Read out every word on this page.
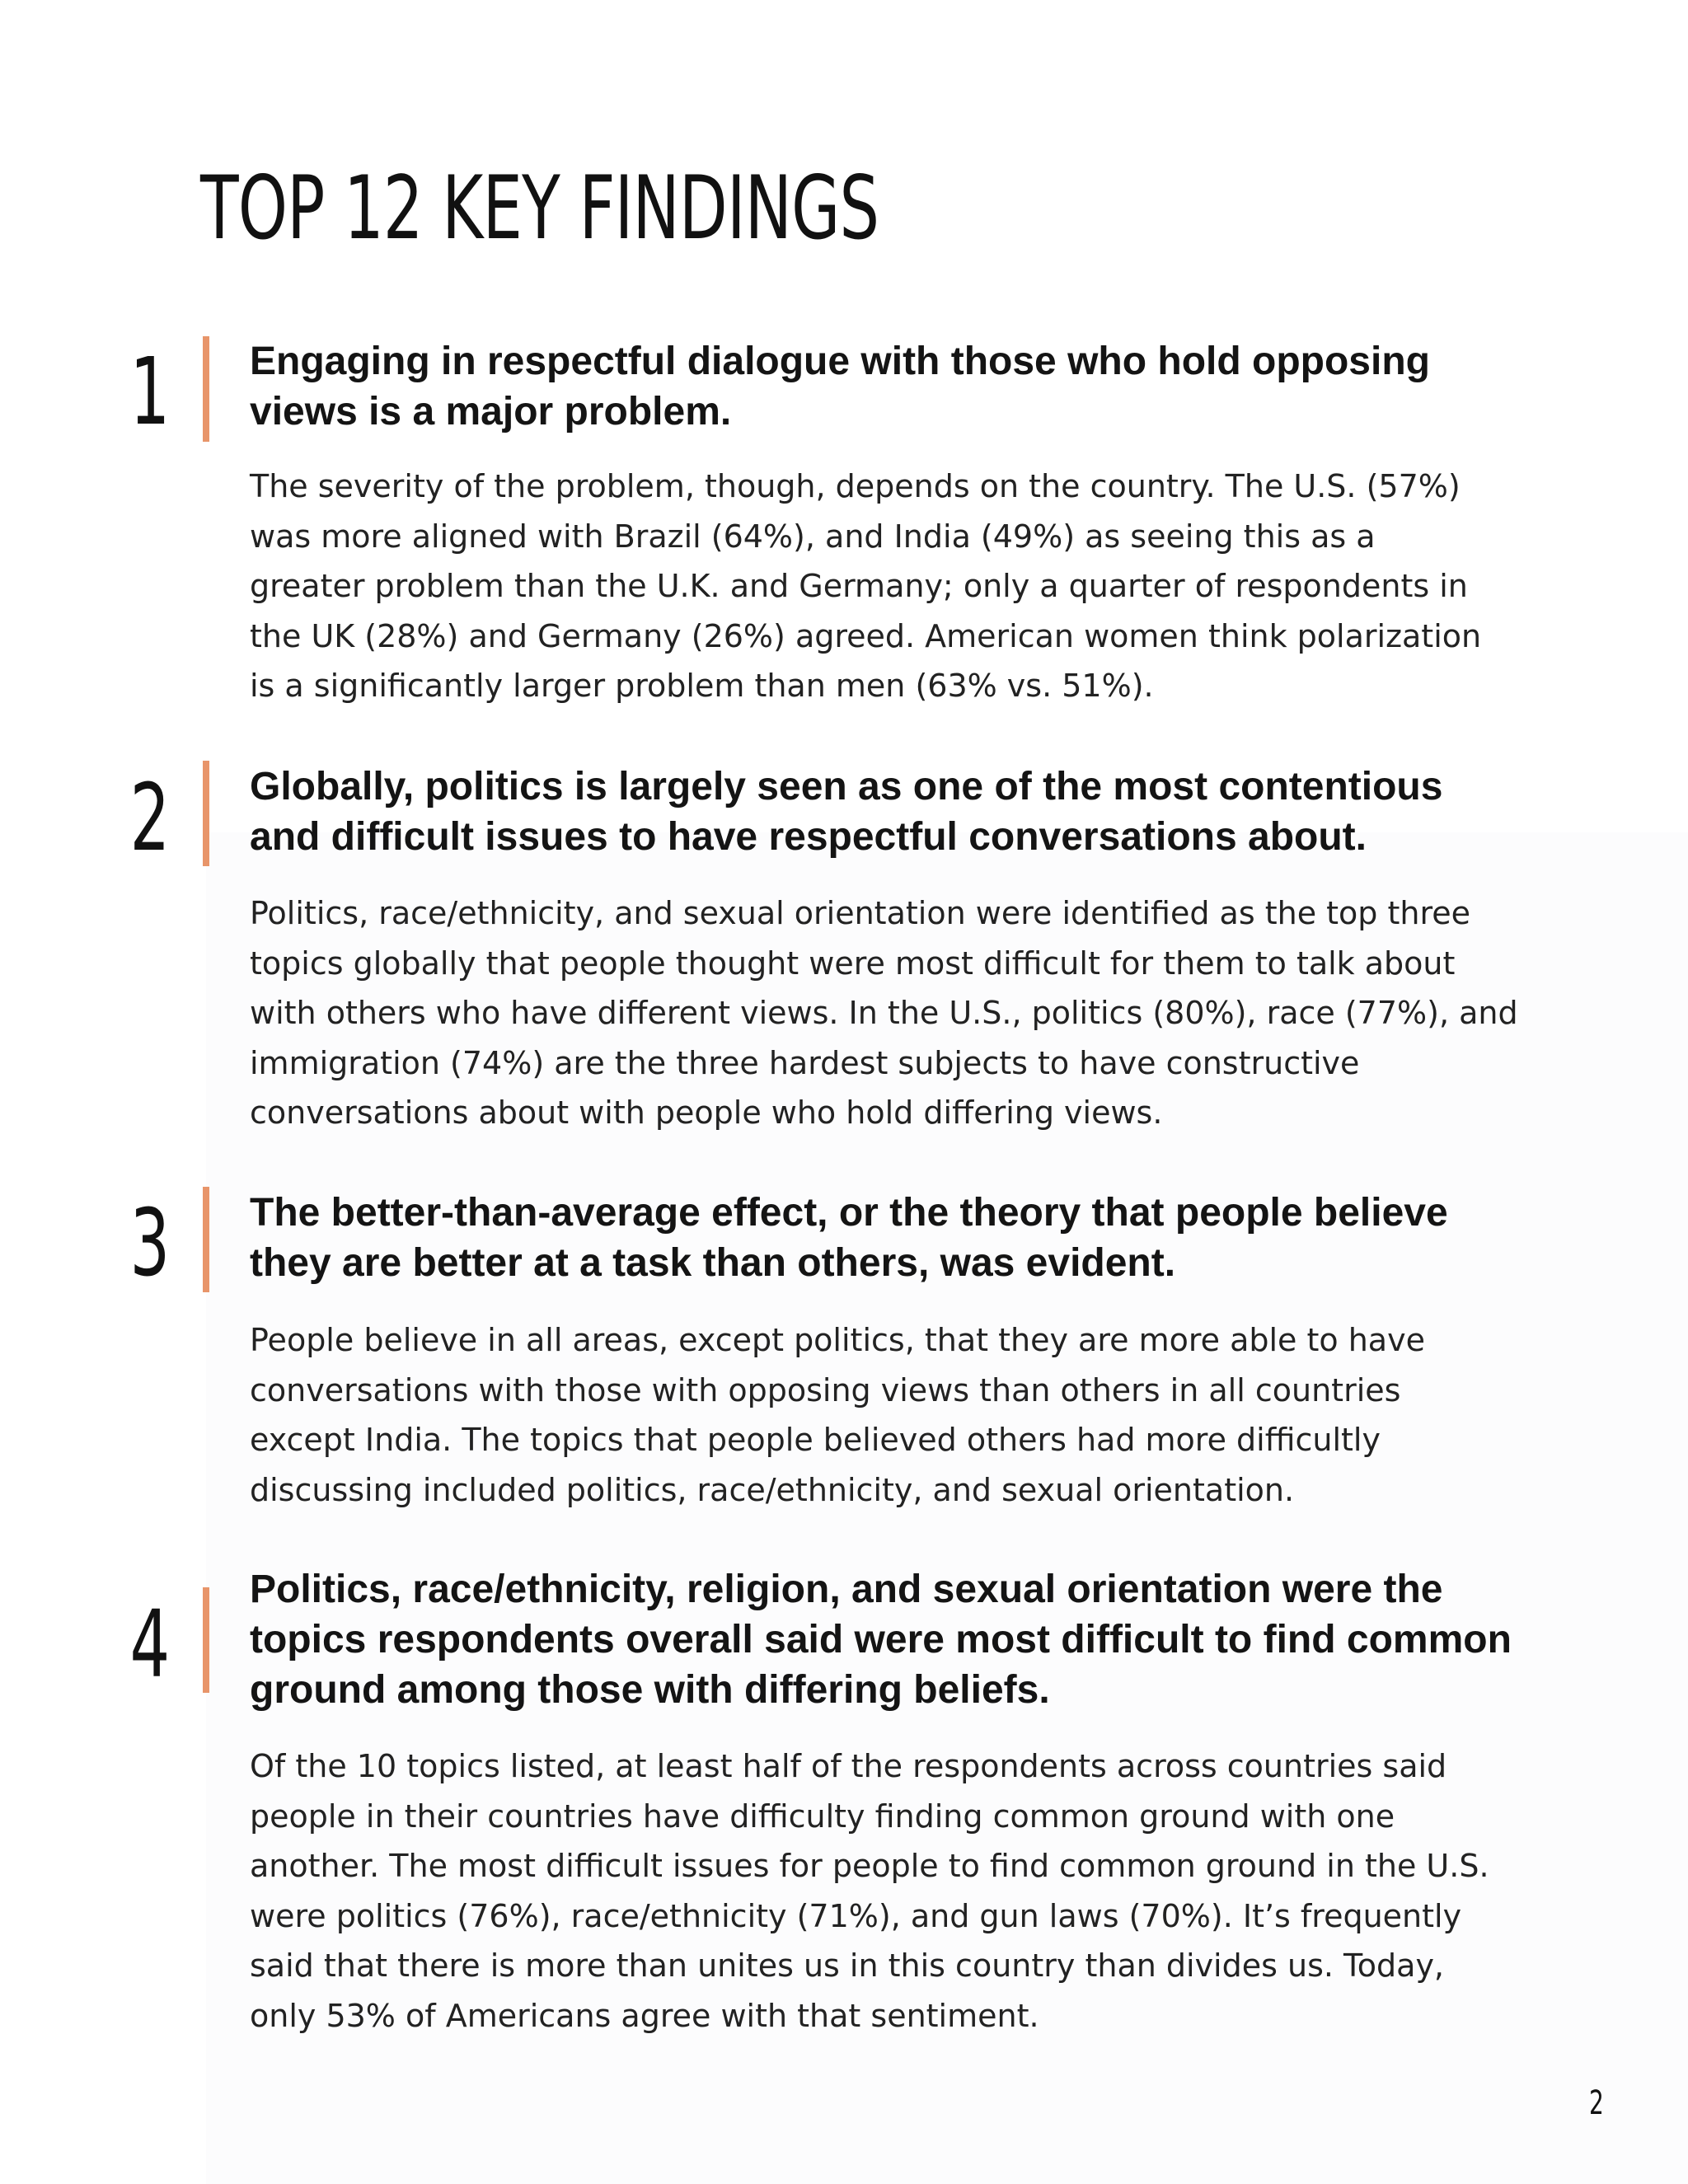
TOP 12 KEY FINDINGS
1 Engaging in respectful dialogue with those who hold opposing views is a major problem.

The severity of the problem, though, depends on the country. The U.S. (57%) was more aligned with Brazil (64%), and India (49%) as seeing this as a greater problem than the U.K. and Germany; only a quarter of respondents in the UK (28%) and Germany (26%) agreed. American women think polarization is a significantly larger problem than men (63% vs. 51%).

2 Globally, politics is largely seen as one of the most contentious and difficult issues to have respectful conversations about.

Politics, race/ethnicity, and sexual orientation were identified as the top three topics globally that people thought were most difficult for them to talk about with others who have different views. In the U.S., politics (80%), race (77%), and immigration (74%) are the three hardest subjects to have constructive conversations about with people who hold differing views.

3 The better-than-average effect, or the theory that people believe they are better at a task than others, was evident.

People believe in all areas, except politics, that they are more able to have conversations with those with opposing views than others in all countries except India. The topics that people believed others had more difficultly discussing included politics, race/ethnicity, and sexual orientation.

4
Politics, race/ethnicity, religion, and sexual orientation were the topics respondents overall said were most difficult to find common ground among those with differing beliefs.

Of the 10 topics listed, at least half of the respondents across countries said people in their countries have difficulty finding common ground with one another. The most difficult issues for people to find common ground in the U.S. were politics (76%), race/ethnicity (71%), and gun laws (70%). It’s frequently said that there is more than unites us in this country than divides us. Today, only 53% of Americans agree with that sentiment.

2
